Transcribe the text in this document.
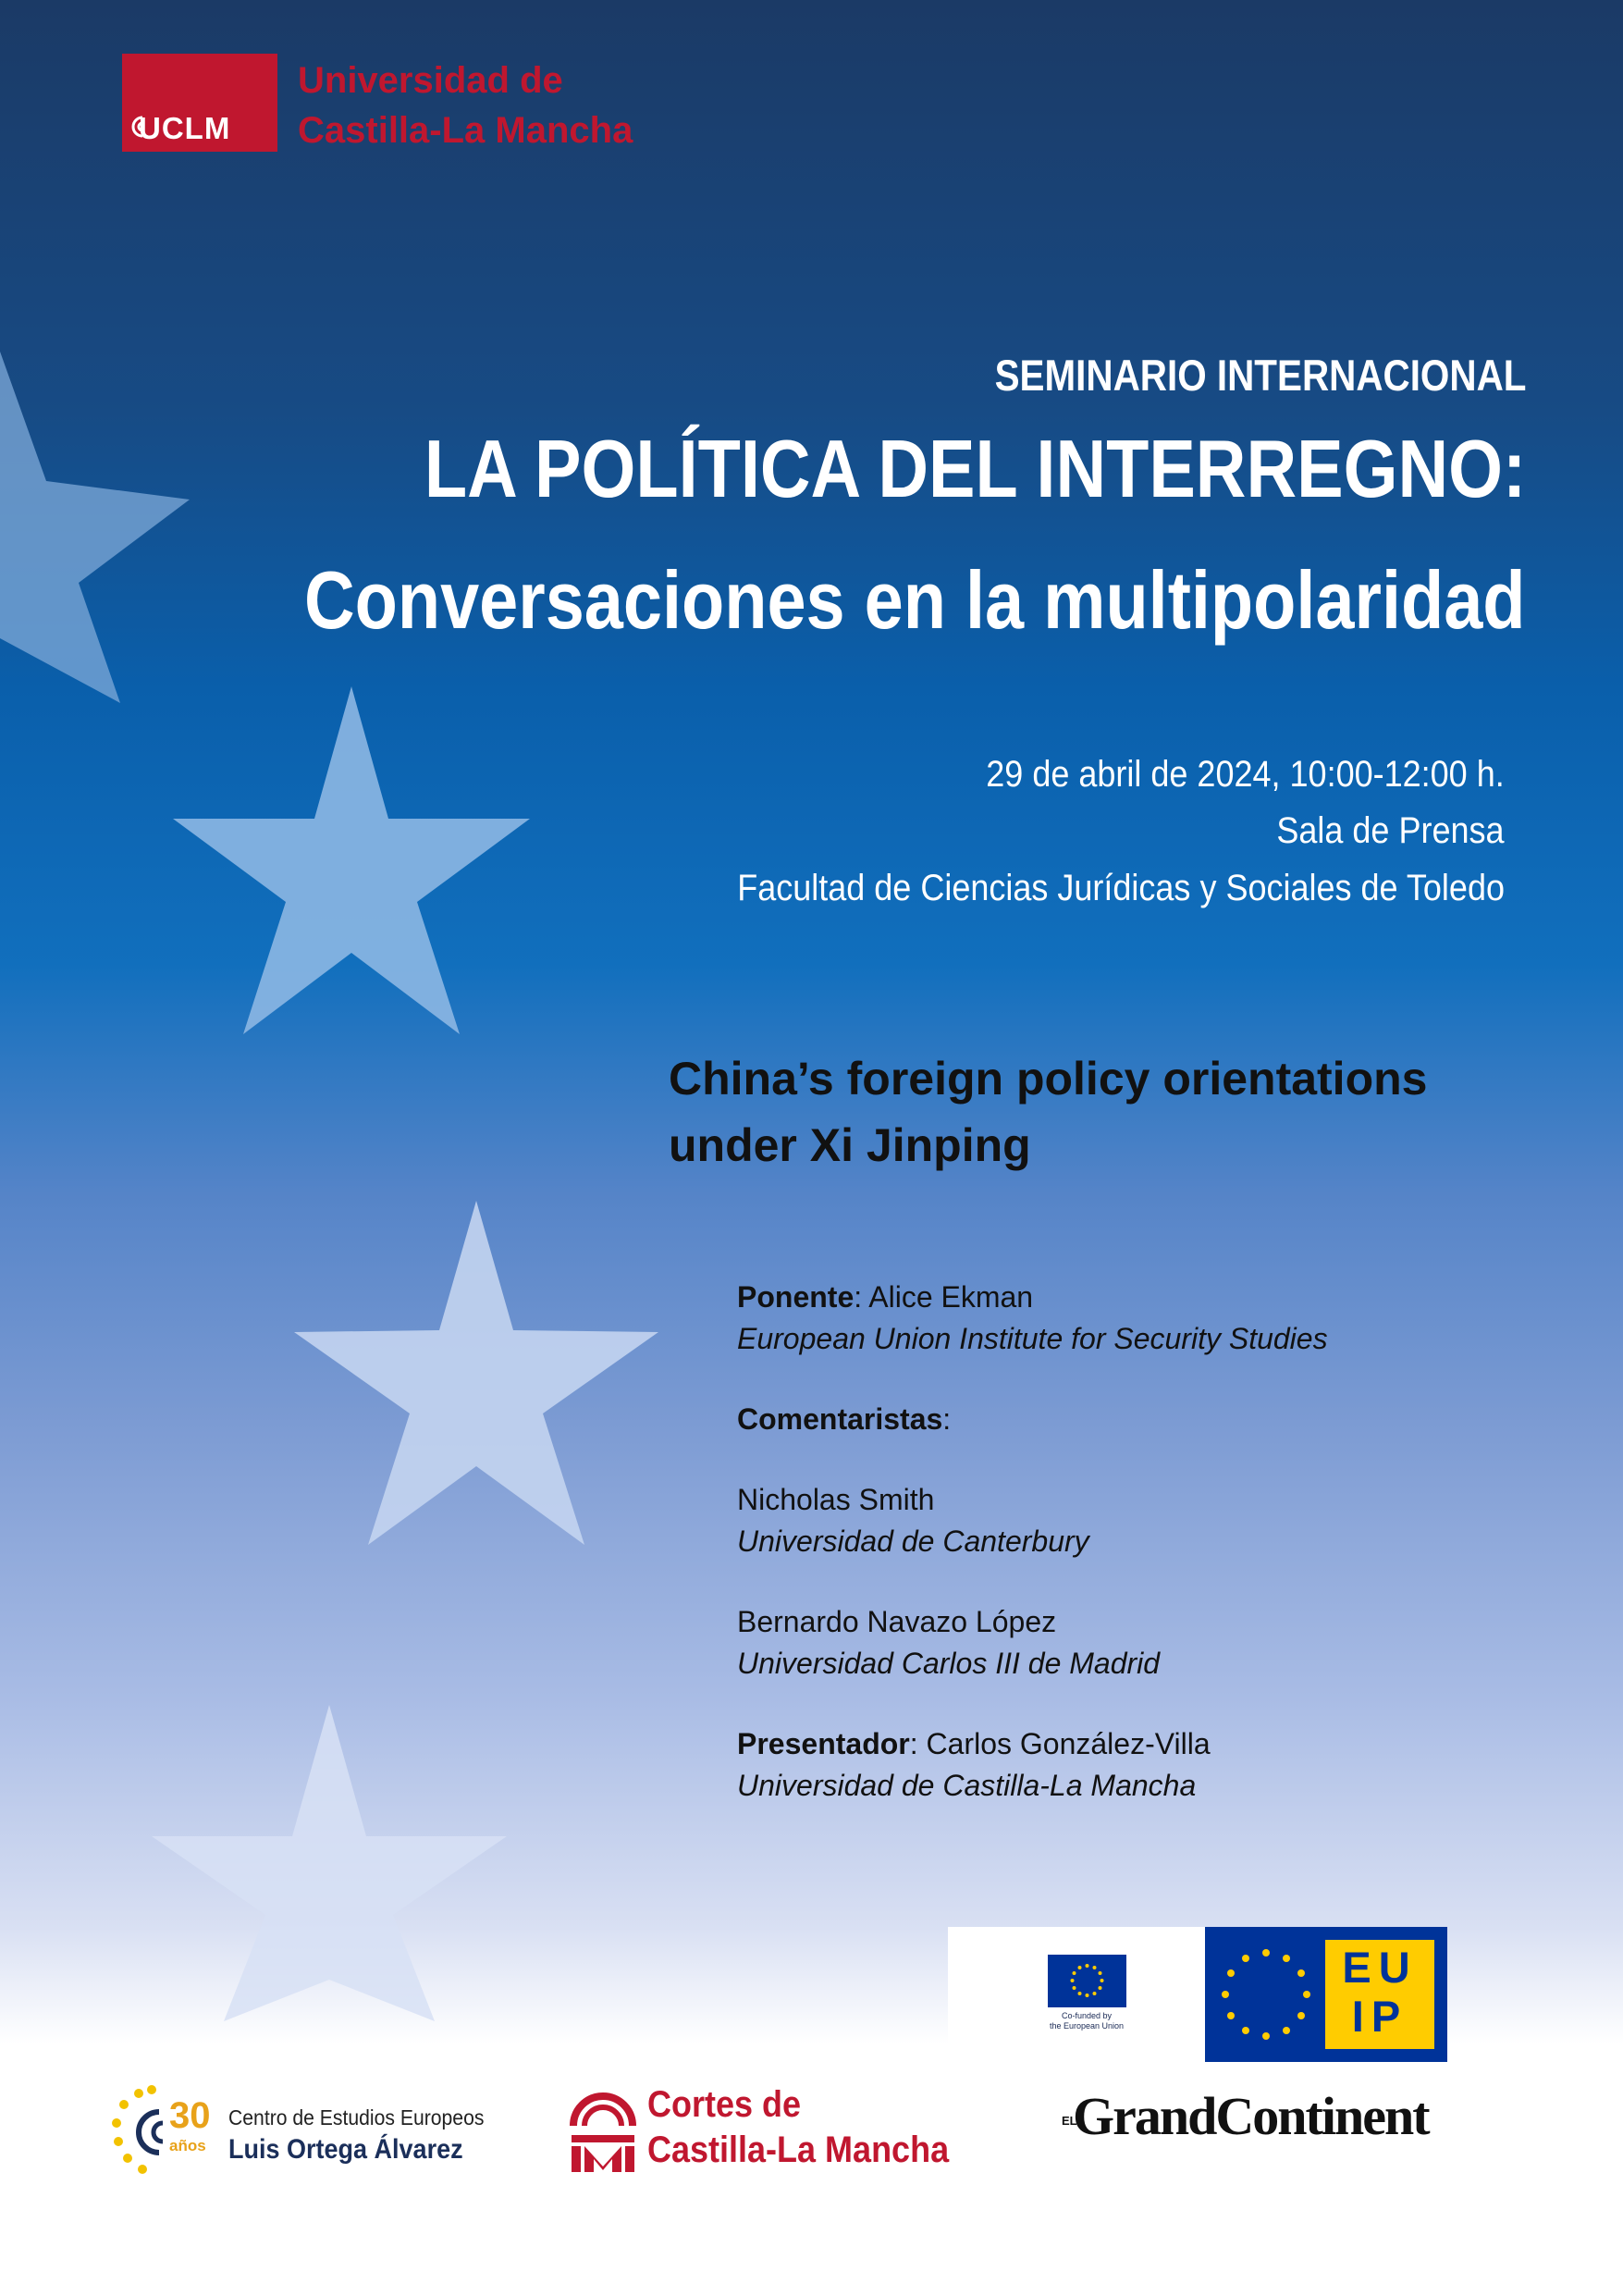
UCLM
Universidad de
Castilla-La Mancha
SEMINARIO INTERNACIONAL
LA POLÍTICA DEL INTERREGNO:
Conversaciones en la multipolaridad
29 de abril de 2024, 10:00-12:00 h.
Sala de Prensa
Facultad de Ciencias Jurídicas y Sociales de Toledo
China’s foreign policy orientations
under Xi Jinping
Ponente: Alice Ekman
European Union Institute for Security Studies
Comentaristas:
Nicholas Smith
Universidad de Canterbury
Bernardo Navazo López
Universidad Carlos III de Madrid
Presentador: Carlos González-Villa
Universidad de Castilla-La Mancha
Co-funded by
the European Union
EU
IP
30
años
Centro de Estudios Europeos
Luis Ortega Álvarez
Cortes de
Castilla-La Mancha
EL
GrandContinent
